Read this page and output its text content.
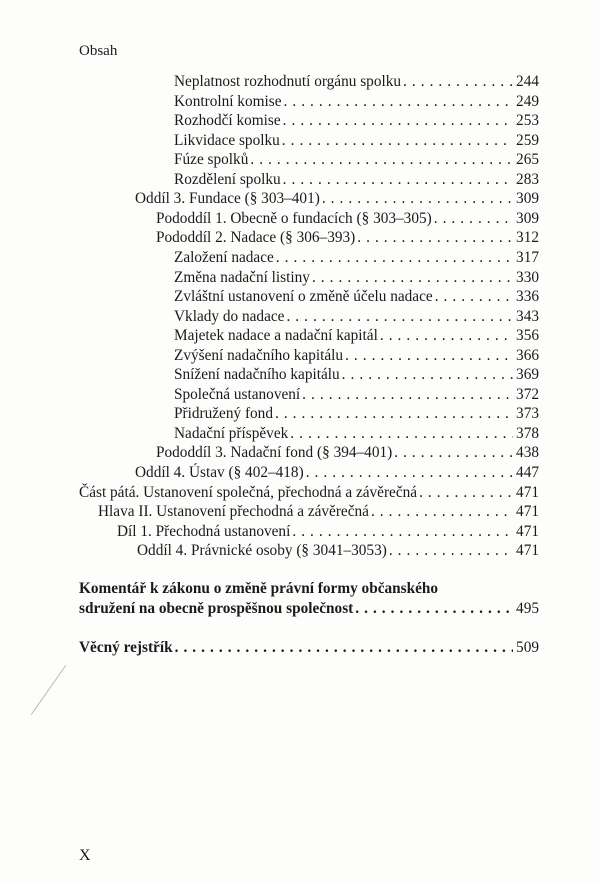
Obsah
Neplatnost rozhodnutí orgánu spolku . . .	244
Kontrolní komise . . .	249
Rozhodčí komise . . .	253
Likvidace spolku . . .	259
Fúze spolků . . .	265
Rozdělení spolku . . .	283
Oddíl 3. Fundace (§ 303–401) . . .	309
Pododdíl 1. Obecně o fundacích (§ 303–305) . . .	309
Pododdíl 2. Nadace (§ 306–393) . . .	312
Založení nadace . . .	317
Změna nadační listiny . . .	330
Zvláštní ustanovení o změně účelu nadace . . .	336
Vklady do nadace . . .	343
Majetek nadace a nadační kapitál . . .	356
Zvýšení nadačního kapitálu . . .	366
Snížení nadačního kapitálu . . .	369
Společná ustanovení . . .	372
Přidružený fond . . .	373
Nadační příspěvek . . .	378
Pododdíl 3. Nadační fond (§ 394–401) . . .	438
Oddíl 4. Ústav (§ 402–418) . . .	447
Část pátá. Ustanovení společná, přechodná a závěrečná . . .	471
Hlava II. Ustanovení přechodná a závěrečná . . .	471
Díl 1. Přechodná ustanovení . . .	471
Oddíl 4. Právnické osoby (§ 3041–3053) . . .	471
Komentář k zákonu o změně právní formy občanského
sdružení na obecně prospěšnou společnost . . .	495
Věcný rejstřík . . .	509
X
